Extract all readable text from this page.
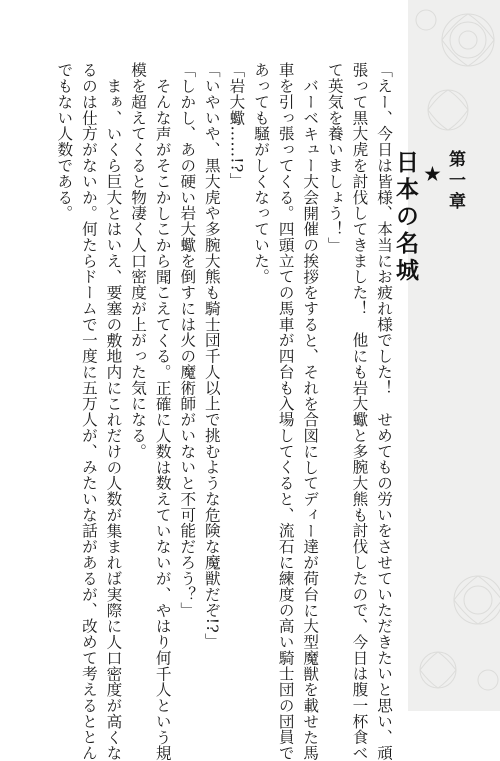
「えー、今日は皆様、本当にお疲れ様でした！　せめてもの労いをさせていただきたいと思い、頑
張って黒大虎を討伐してきました！　他にも岩大蠍と多腕大熊も討伐したので、今日は腹一杯食べ
て英気を養いましょう！」
バーベキュー大会開催の挨拶をすると、それを合図にしてディー達が荷台に大型魔獣を載せた馬
車を引っ張ってくる。四頭立ての馬車が四台も入場してくると、流石に練度の高い騎士団の団員で
あっても騒がしくなっていた。
「岩大蠍……!?」
「いやいや、黒大虎や多腕大熊も騎士団千人以上で挑むような危険な魔獣だぞ!?」
「しかし、あの硬い岩大蠍を倒すには火の魔術師がいないと不可能だろう？」
そんな声がそこかしこから聞こえてくる。正確に人数は数えていないが、やはり何千人という規
模を超えてくると物凄く人口密度が上がった気になる。
まぁ、いくら巨大とはいえ、要塞の敷地内にこれだけの人数が集まれば実際に人口密度が高くな
るのは仕方がないか。何たらドームで一度に五万人が、みたいな話があるが、改めて考えるととん
でもない人数である。	第一章
★
日本の名城
